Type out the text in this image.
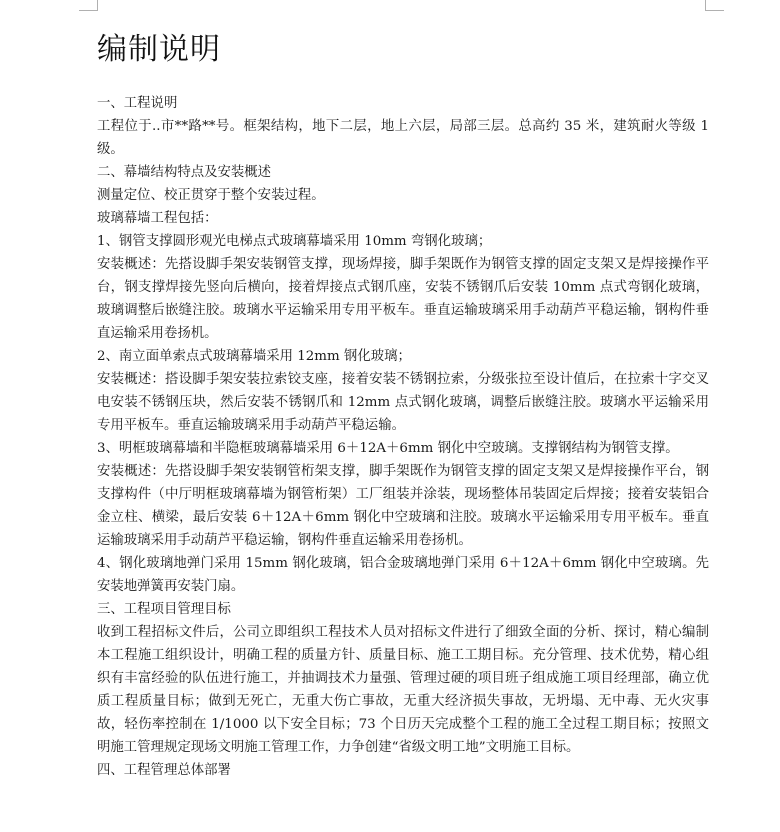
编制说明

一、工程说明

工程位于..市**路**号。框架结构，地下二层，地上六层，局部三层。总高约 35 米，建筑耐火等级 1 级。

二、幕墙结构特点及安装概述

测量定位、校正贯穿于整个安装过程。

玻璃幕墙工程包括：

1、钢管支撑圆形观光电梯点式玻璃幕墙采用 10mm 弯钢化玻璃；

安装概述：先搭设脚手架安装钢管支撑，现场焊接，脚手架既作为钢管支撑的固定支架又是焊接操作平台，钢支撑焊接先竖向后横向，接着焊接点式钢爪座，安装不锈钢爪后安装 10mm 点式弯钢化玻璃，玻璃调整后嵌缝注胶。玻璃水平运输采用专用平板车。垂直运输玻璃采用手动葫芦平稳运输，钢构件垂直运输采用卷扬机。

2、南立面单索点式玻璃幕墙采用 12mm 钢化玻璃；

安装概述：搭设脚手架安装拉索铰支座，接着安装不锈钢拉索，分级张拉至设计值后，在拉索十字交叉电安装不锈钢压块，然后安装不锈钢爪和 12mm 点式钢化玻璃，调整后嵌缝注胶。玻璃水平运输采用专用平板车。垂直运输玻璃采用手动葫芦平稳运输。

3、明框玻璃幕墙和半隐框玻璃幕墙采用 6＋12A＋6mm 钢化中空玻璃。支撑钢结构为钢管支撑。

安装概述：先搭设脚手架安装钢管桁架支撑，脚手架既作为钢管支撑的固定支架又是焊接操作平台，钢支撑构件（中厅明框玻璃幕墙为钢管桁架）工厂组装并涂装，现场整体吊装固定后焊接；接着安装铝合金立柱、横梁，最后安装 6＋12A＋6mm 钢化中空玻璃和注胶。玻璃水平运输采用专用平板车。垂直运输玻璃采用手动葫芦平稳运输，钢构件垂直运输采用卷扬机。

4、钢化玻璃地弹门采用 15mm 钢化玻璃，铝合金玻璃地弹门采用 6＋12A＋6mm 钢化中空玻璃。先安装地弹簧再安装门扇。

三、工程项目管理目标

收到工程招标文件后，公司立即组织工程技术人员对招标文件进行了细致全面的分析、探讨，精心编制本工程施工组织设计，明确工程的质量方针、质量目标、施工工期目标。充分管理、技术优势，精心组织有丰富经验的队伍进行施工，并抽调技术力量强、管理过硬的项目班子组成施工项目经理部，确立优质工程质量目标；做到无死亡，无重大伤亡事故，无重大经济损失事故，无坍塌、无中毒、无火灾事故，轻伤率控制在 1/1000 以下安全目标；73 个日历天完成整个工程的施工全过程工期目标；按照文明施工管理规定现场文明施工管理工作，力争创建“省级文明工地”文明施工目标。

四、工程管理总体部署
